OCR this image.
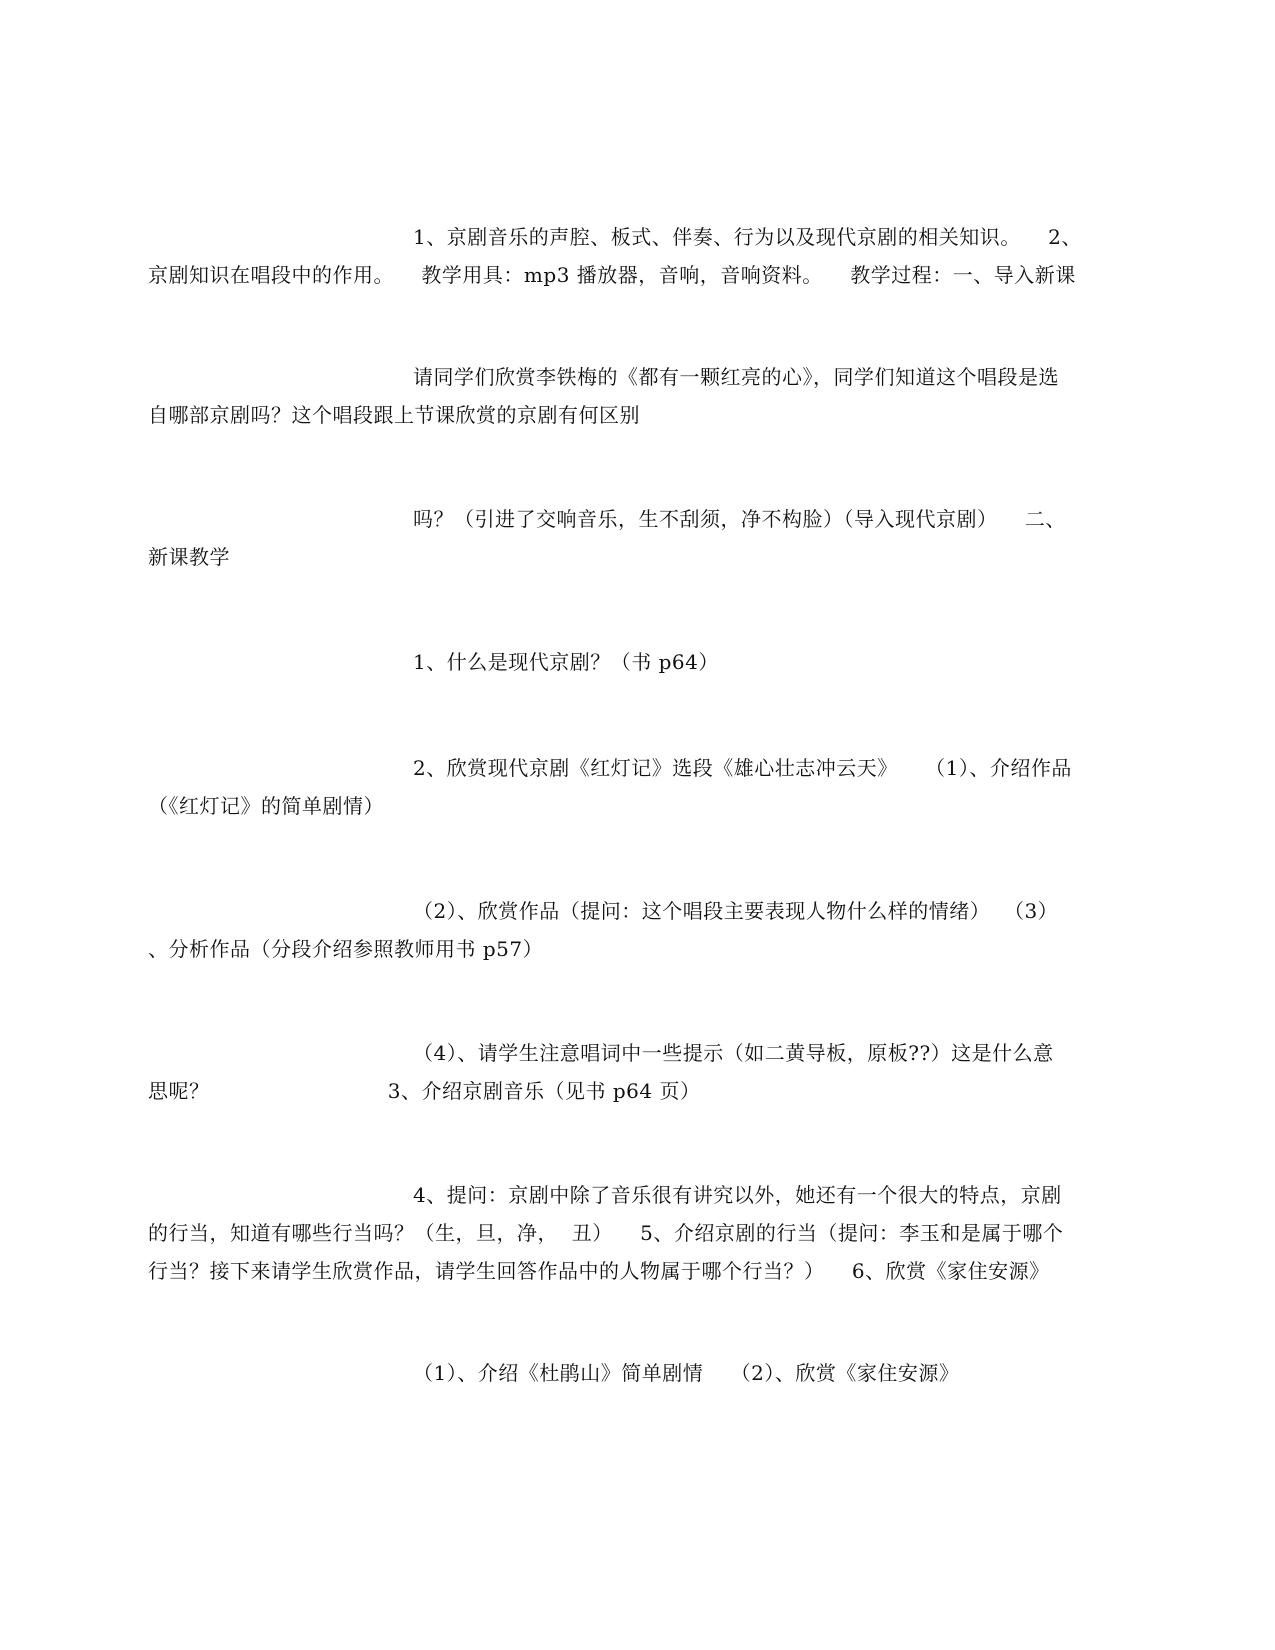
1、京剧音乐的声腔、板式、伴奏、行为以及现代京剧的相关知识。    2、
京剧知识在唱段中的作用。    教学用具：mp3 播放器，音响，音响资料。    教学过程：一、导入新课
请同学们欣赏李铁梅的《都有一颗红亮的心》，同学们知道这个唱段是选
自哪部京剧吗？这个唱段跟上节课欣赏的京剧有何区别
吗？（引进了交响音乐，生不刮须，净不构脸）（导入现代京剧）    二、
新课教学
1、什么是现代京剧？（书 p64）
2、欣赏现代京剧《红灯记》选段《雄心壮志冲云天》    （1）、介绍作品
（《红灯记》的简单剧情）
（2）、欣赏作品（提问：这个唱段主要表现人物什么样的情绪）  （3）
、分析作品（分段介绍参照教师用书 p57）
（4）、请学生注意唱词中一些提示（如二黄导板，原板??）这是什么意
思呢？                          3、介绍京剧音乐（见书 p64 页）
4、提问：京剧中除了音乐很有讲究以外，她还有一个很大的特点，京剧
的行当，知道有哪些行当吗？（生，旦，净，  丑）    5、介绍京剧的行当（提问：李玉和是属于哪个
行当？接下来请学生欣赏作品，请学生回答作品中的人物属于哪个行当？）    6、欣赏《家住安源》
（1）、介绍《杜鹃山》简单剧情    （2）、欣赏《家住安源》
